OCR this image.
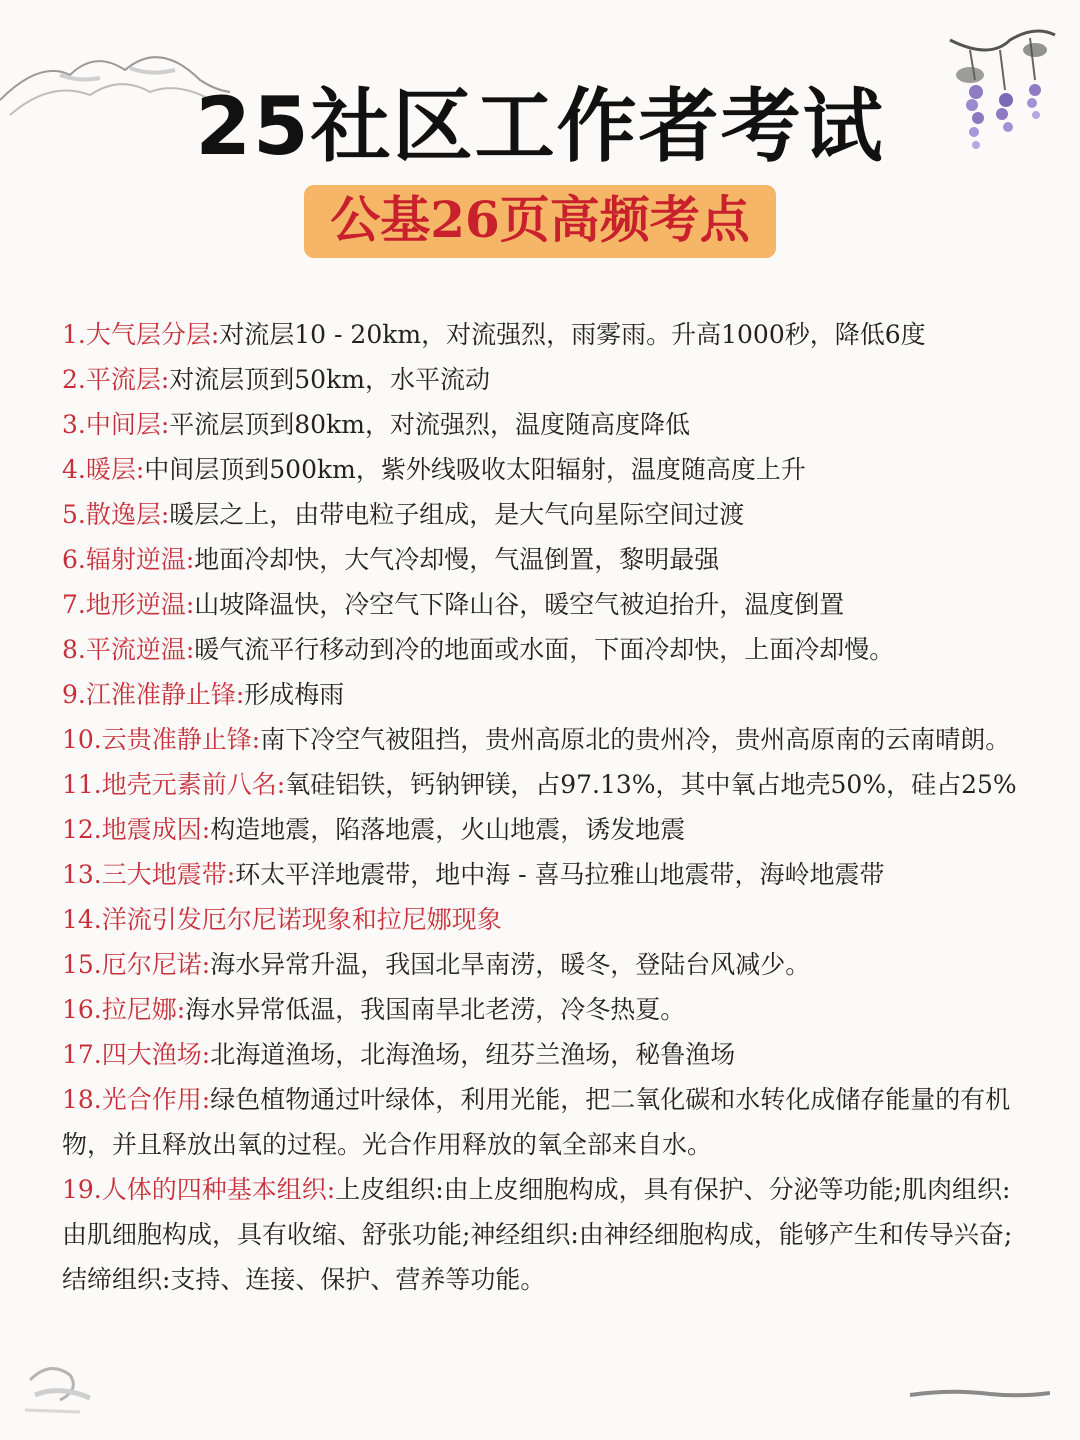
25社区工作者考试
公基26页高频考点
1.大气层分层:对流层10 - 20km，对流强烈，雨雾雨。升高1000秒，降低6度
2.平流层:对流层顶到50km，水平流动
3.中间层:平流层顶到80km，对流强烈，温度随高度降低
4.暖层:中间层顶到500km，紫外线吸收太阳辐射，温度随高度上升
5.散逸层:暖层之上，由带电粒子组成，是大气向星际空间过渡
6.辐射逆温:地面冷却快，大气冷却慢，气温倒置，黎明最强
7.地形逆温:山坡降温快，冷空气下降山谷，暖空气被迫抬升，温度倒置
8.平流逆温:暖气流平行移动到冷的地面或水面，下面冷却快，上面冷却慢。
9.江淮准静止锋:形成梅雨
10.云贵准静止锋:南下冷空气被阻挡，贵州高原北的贵州冷，贵州高原南的云南晴朗。
11.地壳元素前八名:氧硅铝铁，钙钠钾镁，占97.13%，其中氧占地壳50%，硅占25%
12.地震成因:构造地震，陷落地震，火山地震，诱发地震
13.三大地震带:环太平洋地震带，地中海 - 喜马拉雅山地震带，海岭地震带
14.洋流引发厄尔尼诺现象和拉尼娜现象
15.厄尔尼诺:海水异常升温，我国北旱南涝，暖冬，登陆台风减少。
16.拉尼娜:海水异常低温，我国南旱北老涝，冷冬热夏。
17.四大渔场:北海道渔场，北海渔场，纽芬兰渔场，秘鲁渔场
18.光合作用:绿色植物通过叶绿体，利用光能，把二氧化碳和水转化成储存能量的有机 物，并且释放出氧的过程。光合作用释放的氧全部来自水。
19.人体的四种基本组织:上皮组织:由上皮细胞构成，具有保护、分泌等功能;肌肉组织:由肌细胞构成，具有收缩、舒张功能;神经组织:由神经细胞构成，能够产生和传导兴奋;结缔组织:支持、连接、保护、营养等功能。
